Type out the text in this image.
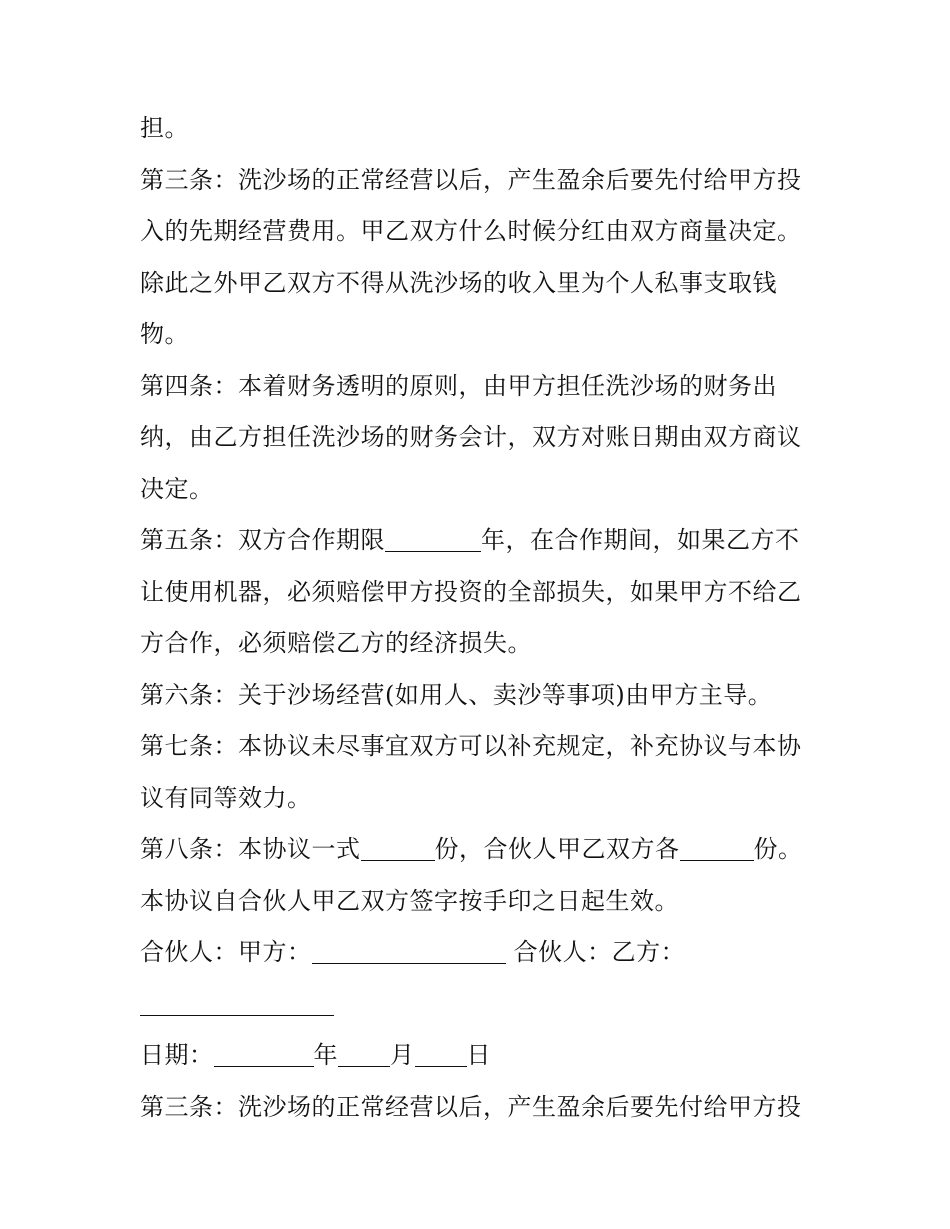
担。
第三条：洗沙场的正常经营以后，产生盈余后要先付给甲方投
入的先期经营费用。甲乙双方什么时候分红由双方商量决定。
除此之外甲乙双方不得从洗沙场的收入里为个人私事支取钱
物。
第四条：本着财务透明的原则，由甲方担任洗沙场的财务出
纳，由乙方担任洗沙场的财务会计，双方对账日期由双方商议
决定。
第五条：双方合作期限	年，在合作期间，如果乙方不
让使用机器，必须赔偿甲方投资的全部损失，如果甲方不给乙
方合作，必须赔偿乙方的经济损失。
第六条：关于沙场经营(如用人、卖沙等事项)由甲方主导。
第七条：本协议未尽事宜双方可以补充规定，补充协议与本协
议有同等效力。
第八条：本协议一式	份，合伙人甲乙双方各	份。
本协议自合伙人甲乙双方签字按手印之日起生效。
合伙人：甲方：	合伙人：乙方：
日期：	年 月 日
第三条：洗沙场的正常经营以后，产生盈余后要先付给甲方投
